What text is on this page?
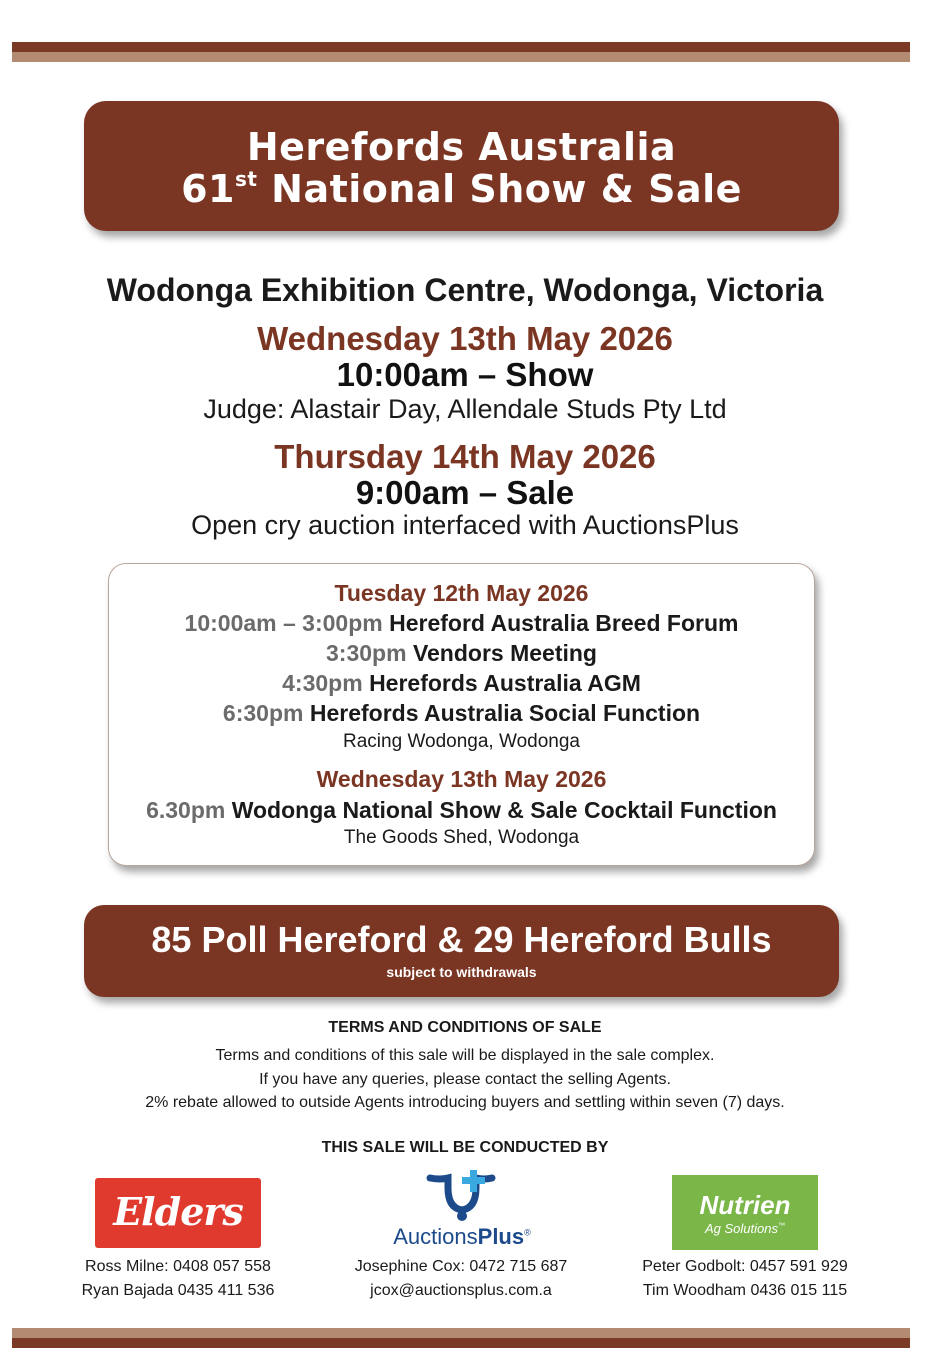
Herefords Australia
61st National Show & Sale
Wodonga Exhibition Centre, Wodonga, Victoria
Wednesday 13th May 2026
10:00am – Show
Judge: Alastair Day, Allendale Studs Pty Ltd
Thursday 14th May 2026
9:00am – Sale
Open cry auction interfaced with AuctionsPlus
Tuesday 12th May 2026
10:00am – 3:00pm Hereford Australia Breed Forum
3:30pm Vendors Meeting
4:30pm Herefords Australia AGM
6:30pm Herefords Australia Social Function
Racing Wodonga, Wodonga
Wednesday 13th May 2026
6.30pm Wodonga National Show & Sale Cocktail Function
The Goods Shed, Wodonga
85 Poll Hereford & 29 Hereford Bulls
subject to withdrawals
TERMS AND CONDITIONS OF SALE
Terms and conditions of this sale will be displayed in the sale complex.
If you have any queries, please contact the selling Agents.
2% rebate allowed to outside Agents introducing buyers and settling within seven (7) days.
THIS SALE WILL BE CONDUCTED BY
Elders
AuctionsPlus®
Nutrien
Ag Solutions™
Ross Milne: 0408 057 558
Ryan Bajada 0435 411 536
Josephine Cox: 0472 715 687
jcox@auctionsplus.com.a
Peter Godbolt: 0457 591 929
Tim Woodham 0436 015 115
